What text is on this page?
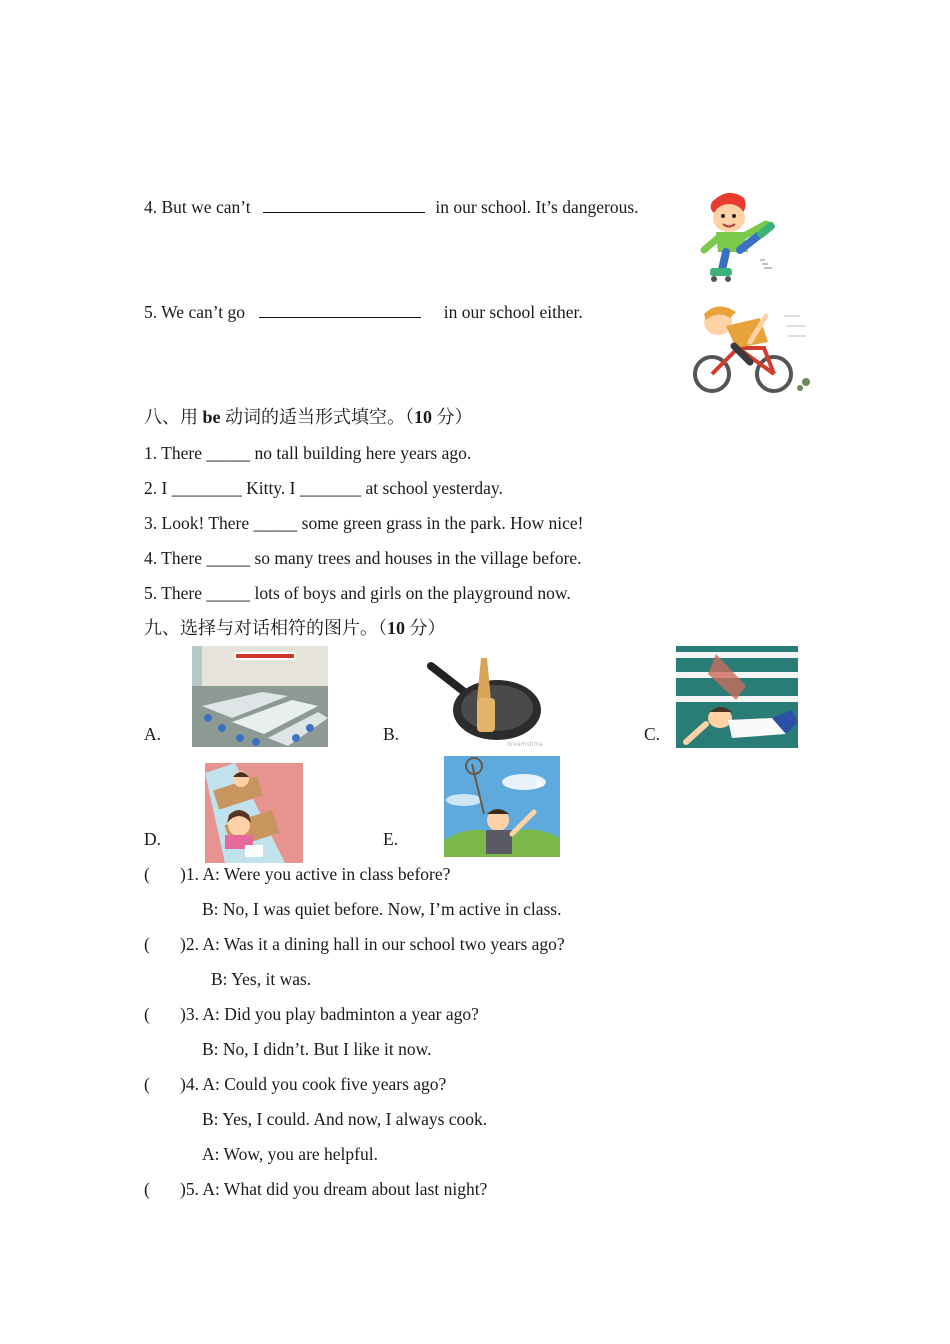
4. But we can’t	in our school. It’s dangerous.
5. We can’t go	in our school either.
八、用 be 动词的适当形式填空。（10 分）
1. There _____ no tall building here years ago.
2. I ________ Kitty. I _______ at school yesterday.
3. Look! There _____ some green grass in the park. How nice!
4. There _____ so many trees and houses in the village before.
5. There _____ lots of boys and girls on the playground now.
九、选择与对话相符的图片。（10 分）
A.	B.
dreamstime
C.
D.	E.
( )1. A: Were you active in class before?
B: No, I was quiet before. Now, I’m active in class.
( )2. A: Was it a dining hall in our school two years ago?
B: Yes, it was.
( )3. A: Did you play badminton a year ago?
B: No, I didn’t. But I like it now.
( )4. A: Could you cook five years ago?
B: Yes, I could. And now, I always cook.
A: Wow, you are helpful.
( )5. A: What did you dream about last night?
